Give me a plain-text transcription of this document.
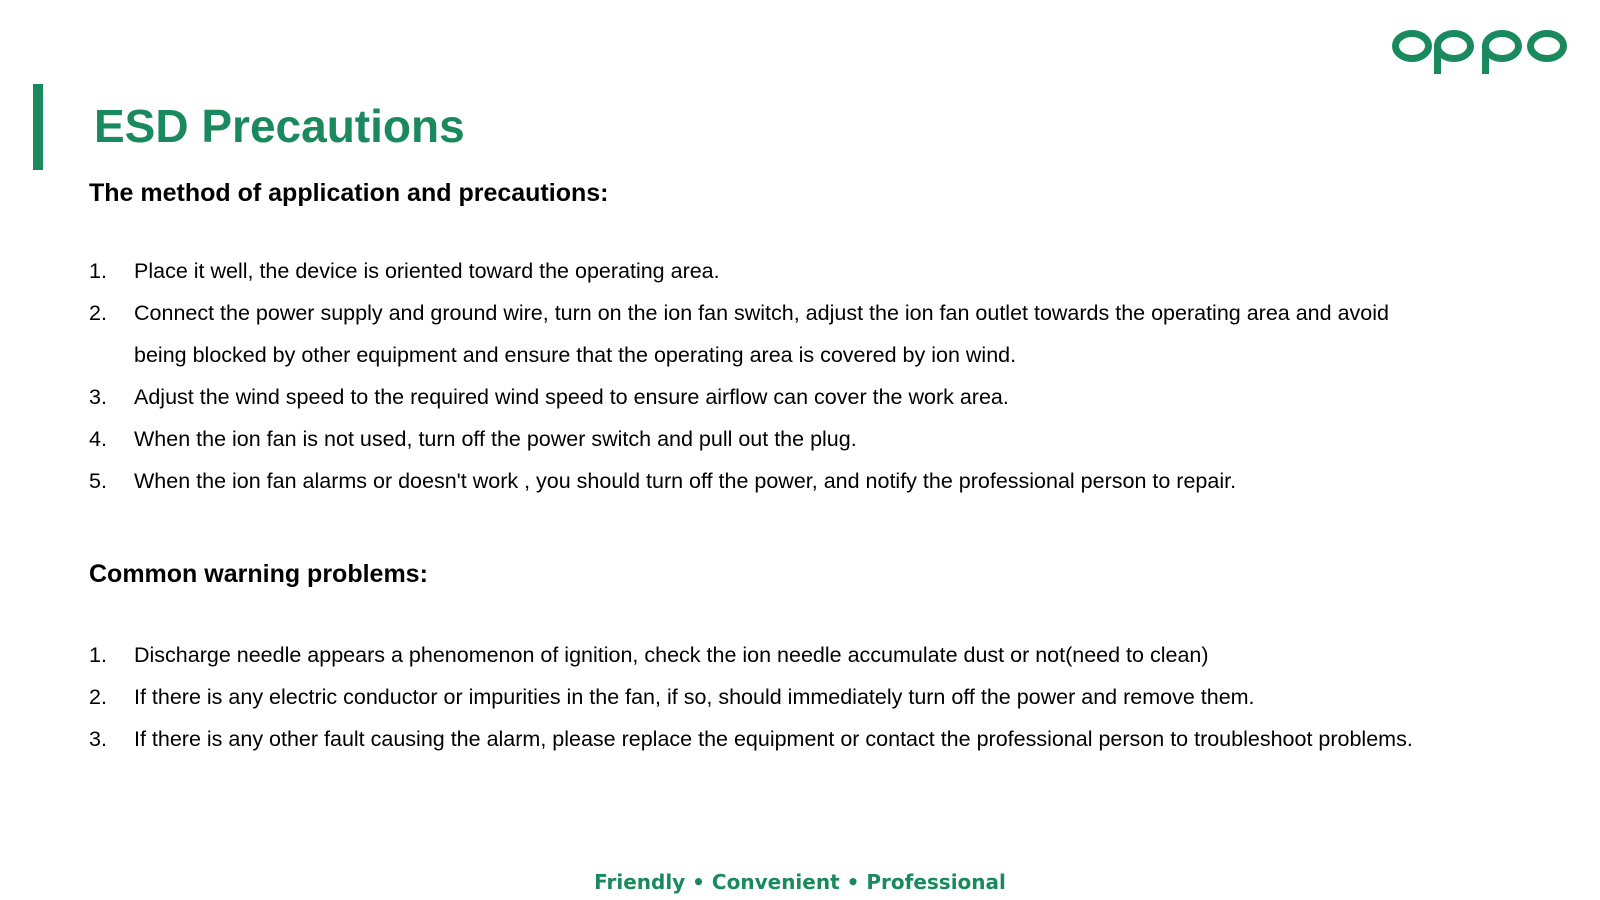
ESD Precautions
The method of application and precautions:
1. Place it well, the device is oriented toward the operating area.
2. Connect the power supply and ground wire, turn on the ion fan switch, adjust the ion fan outlet towards the operating area and avoid
being blocked by other equipment and ensure that the operating area is covered by ion wind.
3. Adjust the wind speed to the required wind speed to ensure airflow can cover the work area.
4. When the ion fan is not used, turn off the power switch and pull out the plug.
5. When the ion fan alarms or doesn't work , you should turn off the power, and notify the professional person to repair.
Common warning problems:
1. Discharge needle appears a phenomenon of ignition, check the ion needle accumulate dust or not(need to clean)
2. If there is any electric conductor or impurities in the fan, if so, should immediately turn off the power and remove them.
3. If there is any other fault causing the alarm, please replace the equipment or contact the professional person to troubleshoot problems.
Friendly • Convenient • Professional
